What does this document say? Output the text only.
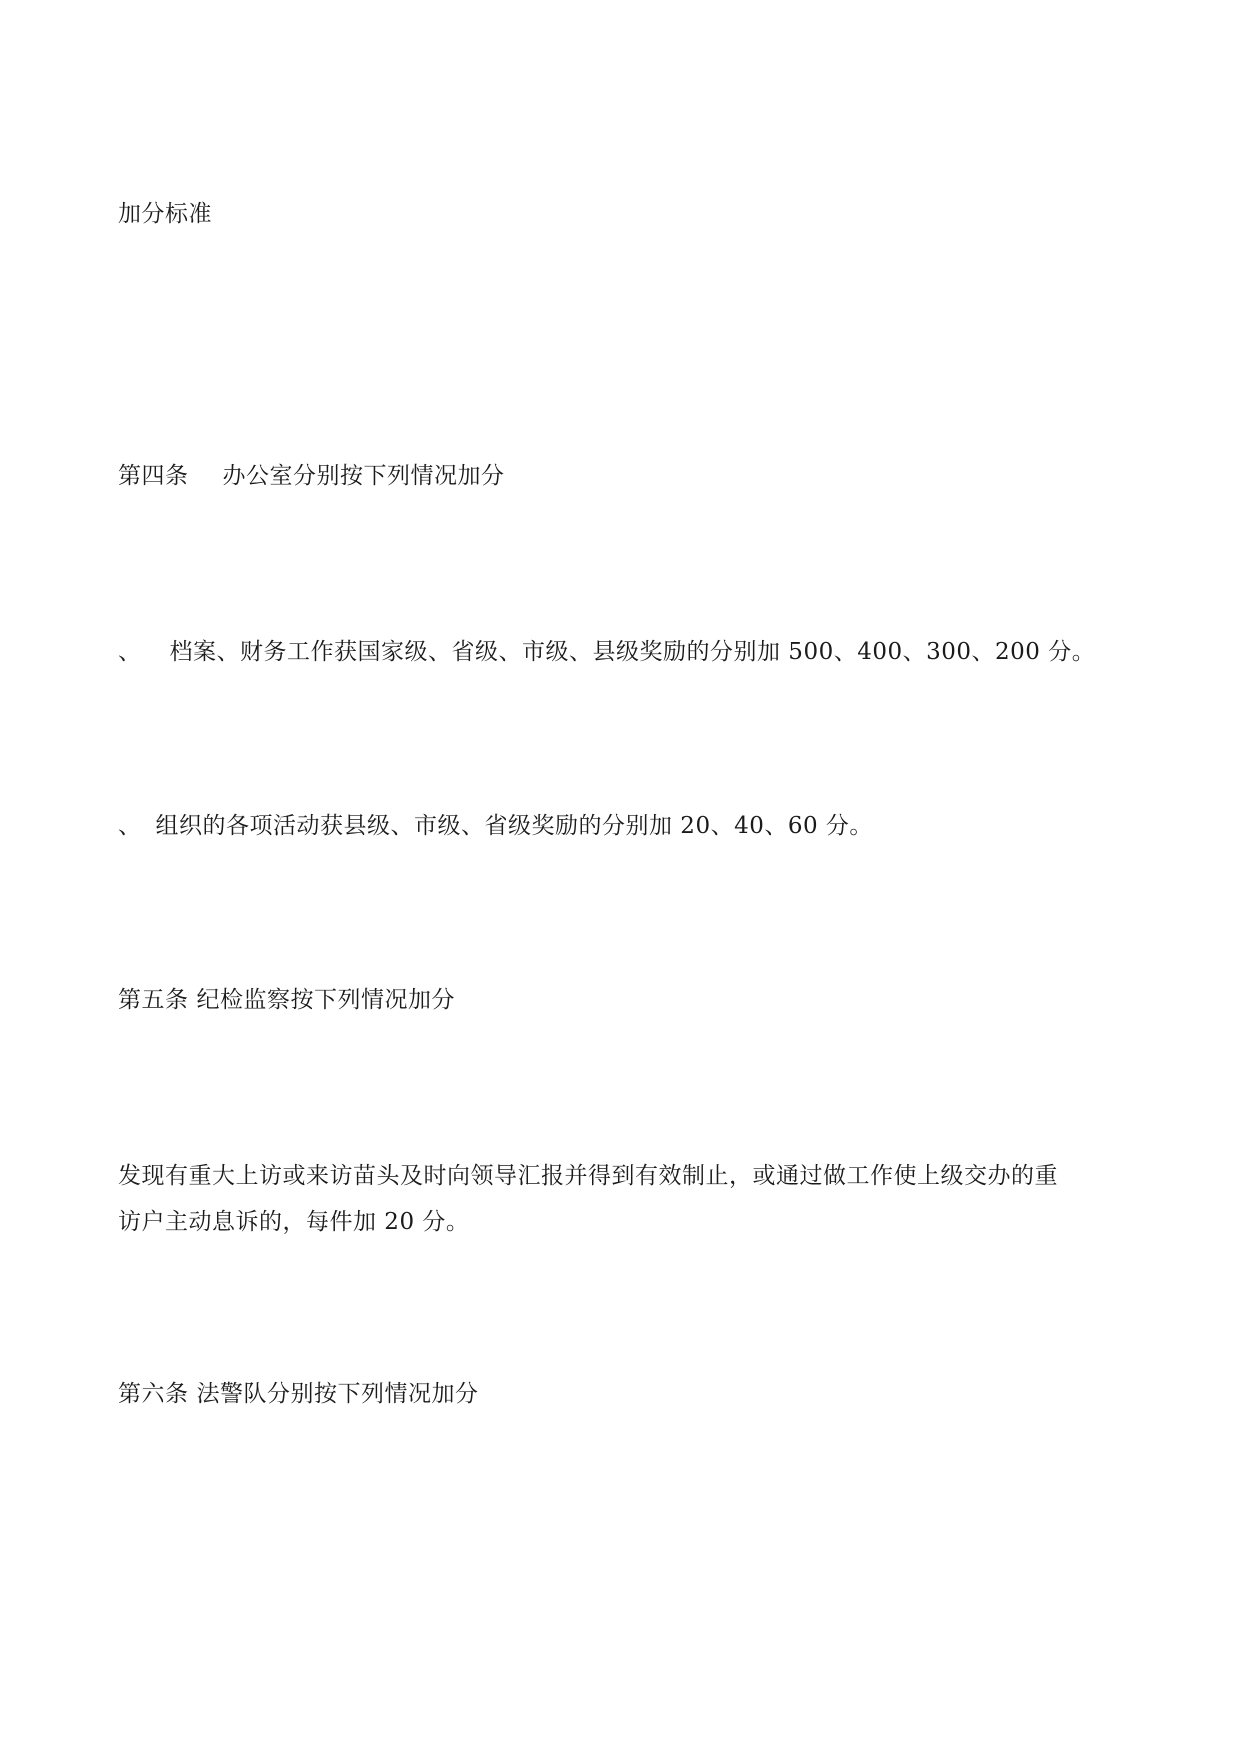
加分标准
第四条 办公室分别按下列情况加分
、 档案、财务工作获国家级、省级、市级、县级奖励的分别加 500、400、300、200 分。
、 组织的各项活动获县级、市级、省级奖励的分别加 20、40、60 分。
第五条 纪检监察按下列情况加分
发现有重大上访或来访苗头及时向领导汇报并得到有效制止，或通过做工作使上级交办的重
访户主动息诉的，每件加 20 分。
第六条 法警队分别按下列情况加分
